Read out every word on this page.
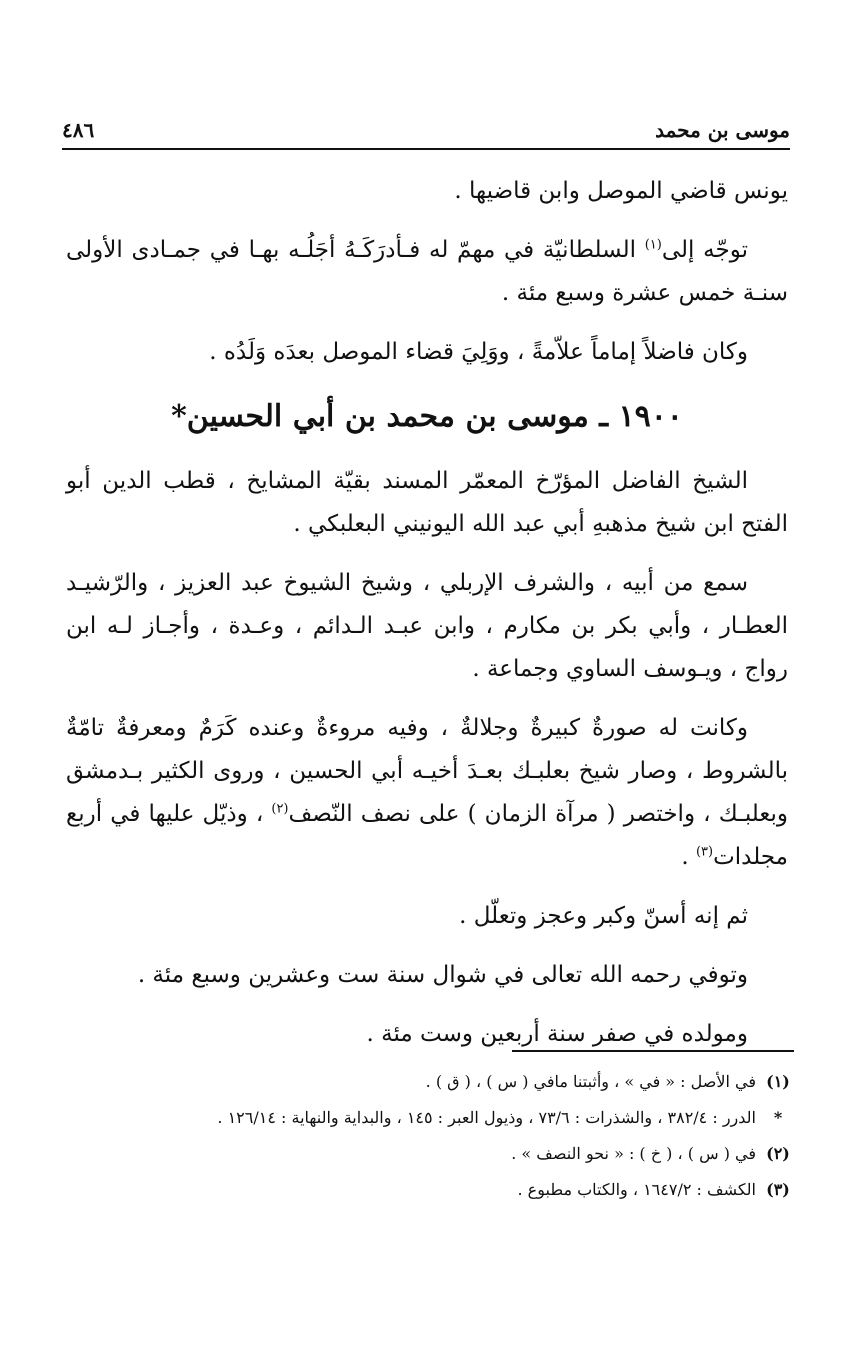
موسى بن محمد
٤٨٦

يونس قاضي الموصل وابن قاضيها .

توجّه إلى$^{(١)}$ السلطانيّة في مهمّ له فـأدرَكَـهُ أجَلُـه بهـا في جمـادى الأولى سنـة خمس عشرة وسبع مئة .

وكان فاضلاً إماماً علاّمةً ، ووَلِيَ قضاء الموصل بعدَه وَلَدُه .

١٩٠٠ ـ موسى بن محمد بن أبي الحسين*

الشيخ الفاضل المؤرّخ المعمّر المسند بقيّة المشايخ ، قطب الدين أبو الفتح ابن شيخ مذهبهِ أبي عبد الله اليونيني البعلبكي .

سمع من أبيه ، والشرف الإربلي ، وشيخ الشيوخ عبد العزيز ، والرّشيـد العطـار ، وأبي بكر بن مكارم ، وابن عبـد الـدائم ، وعـدة ، وأجـاز لـه ابن رواج ، ويـوسف الساوي وجماعة .

وكانت له صورةٌ كبيرةٌ وجلالةٌ ، وفيه مروءةٌ وعنده كَرَمٌ ومعرفةٌ تامّةٌ بالشروط ، وصار شيخ بعلبـك بعـدَ أخيـه أبي الحسين ، وروى الكثير بـدمشق وبعلبـك ، واختصر ( مرآة الزمان ) على نصف النّصف$^{(٢)}$ ، وذيّل عليها في أربع مجلدات$^{(٣)}$ .

ثم إنه أسنّ وكبر وعجز وتعلّل .

وتوفي رحمه الله تعالى في شوال سنة ست وعشرين وسبع مئة .

ومولده في صفر سنة أربعين وست مئة .

(١)
في الأصل : « في » ، وأثبتنا مافي ( س ) ، ( ق ) .
*
الدرر : ٣٨٢/٤ ، والشذرات : ٧٣/٦ ، وذيول العبر : ١٤٥ ، والبداية والنهاية : ١٢٦/١٤ .
(٢)
في ( س ) ، ( خ ) : « نحو النصف » .
(٣)
الكشف : ١٦٤٧/٢ ، والكتاب مطبوع .
